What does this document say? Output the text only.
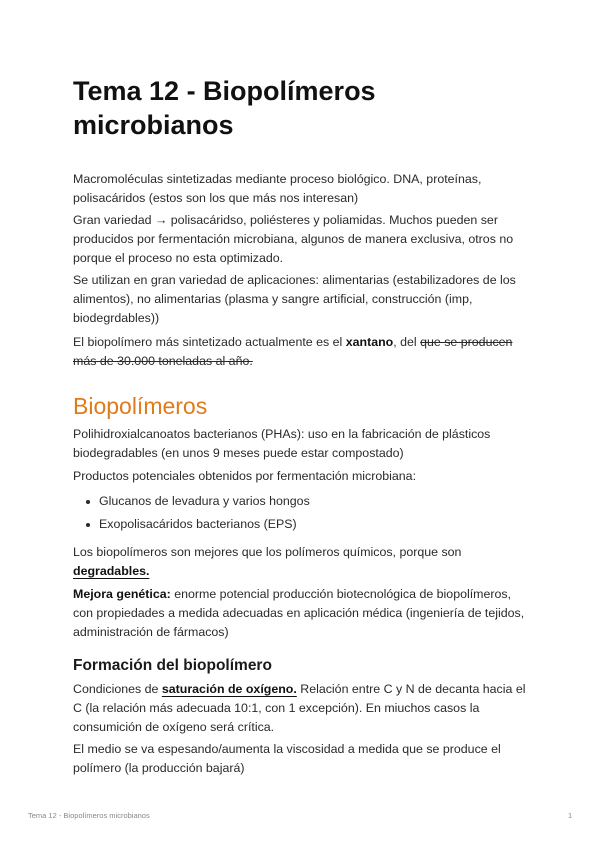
Tema 12 - Biopolímeros microbianos

Macromoléculas sintetizadas mediante proceso biológico. DNA, proteínas, polisacáridos (estos son los que más nos interesan)

Gran variedad → polisacáridso, poliésteres y poliamidas. Muchos pueden ser producidos por fermentación microbiana, algunos de manera exclusiva, otros no porque el proceso no esta optimizado.

Se utilizan en gran variedad de aplicaciones: alimentarias (estabilizadores de los alimentos), no alimentarias (plasma y sangre artificial, construcción (imp, biodegrdables))

El biopolímero más sintetizado actualmente es el xantano, del que se producen más de 30.000 toneladas al año.

Biopolímeros

Polihidroxialcanoatos bacterianos (PHAs): uso en la fabricación de plásticos biodegradables (en unos 9 meses puede estar compostado)

Productos potenciales obtenidos por fermentación microbiana:

Glucanos de levadura y varios hongos
Exopolisacáridos bacterianos (EPS)

Los biopolímeros son mejores que los polímeros químicos, porque son degradables.

Mejora genética: enorme potencial producción biotecnológica de biopolímeros, con propiedades a medida adecuadas en aplicación médica (ingeniería de tejidos, administración de fármacos)

Formación del biopolímero

Condiciones de saturación de oxígeno. Relación entre C y N de decanta hacia el C (la relación más adecuada 10:1, con 1 excepción). En miuchos casos la consumición de oxígeno será crítica.

El medio se va espesando/aumenta la viscosidad a medida que se produce el polímero (la producción bajará)

Tema 12 - Biopolímeros microbianos	1
